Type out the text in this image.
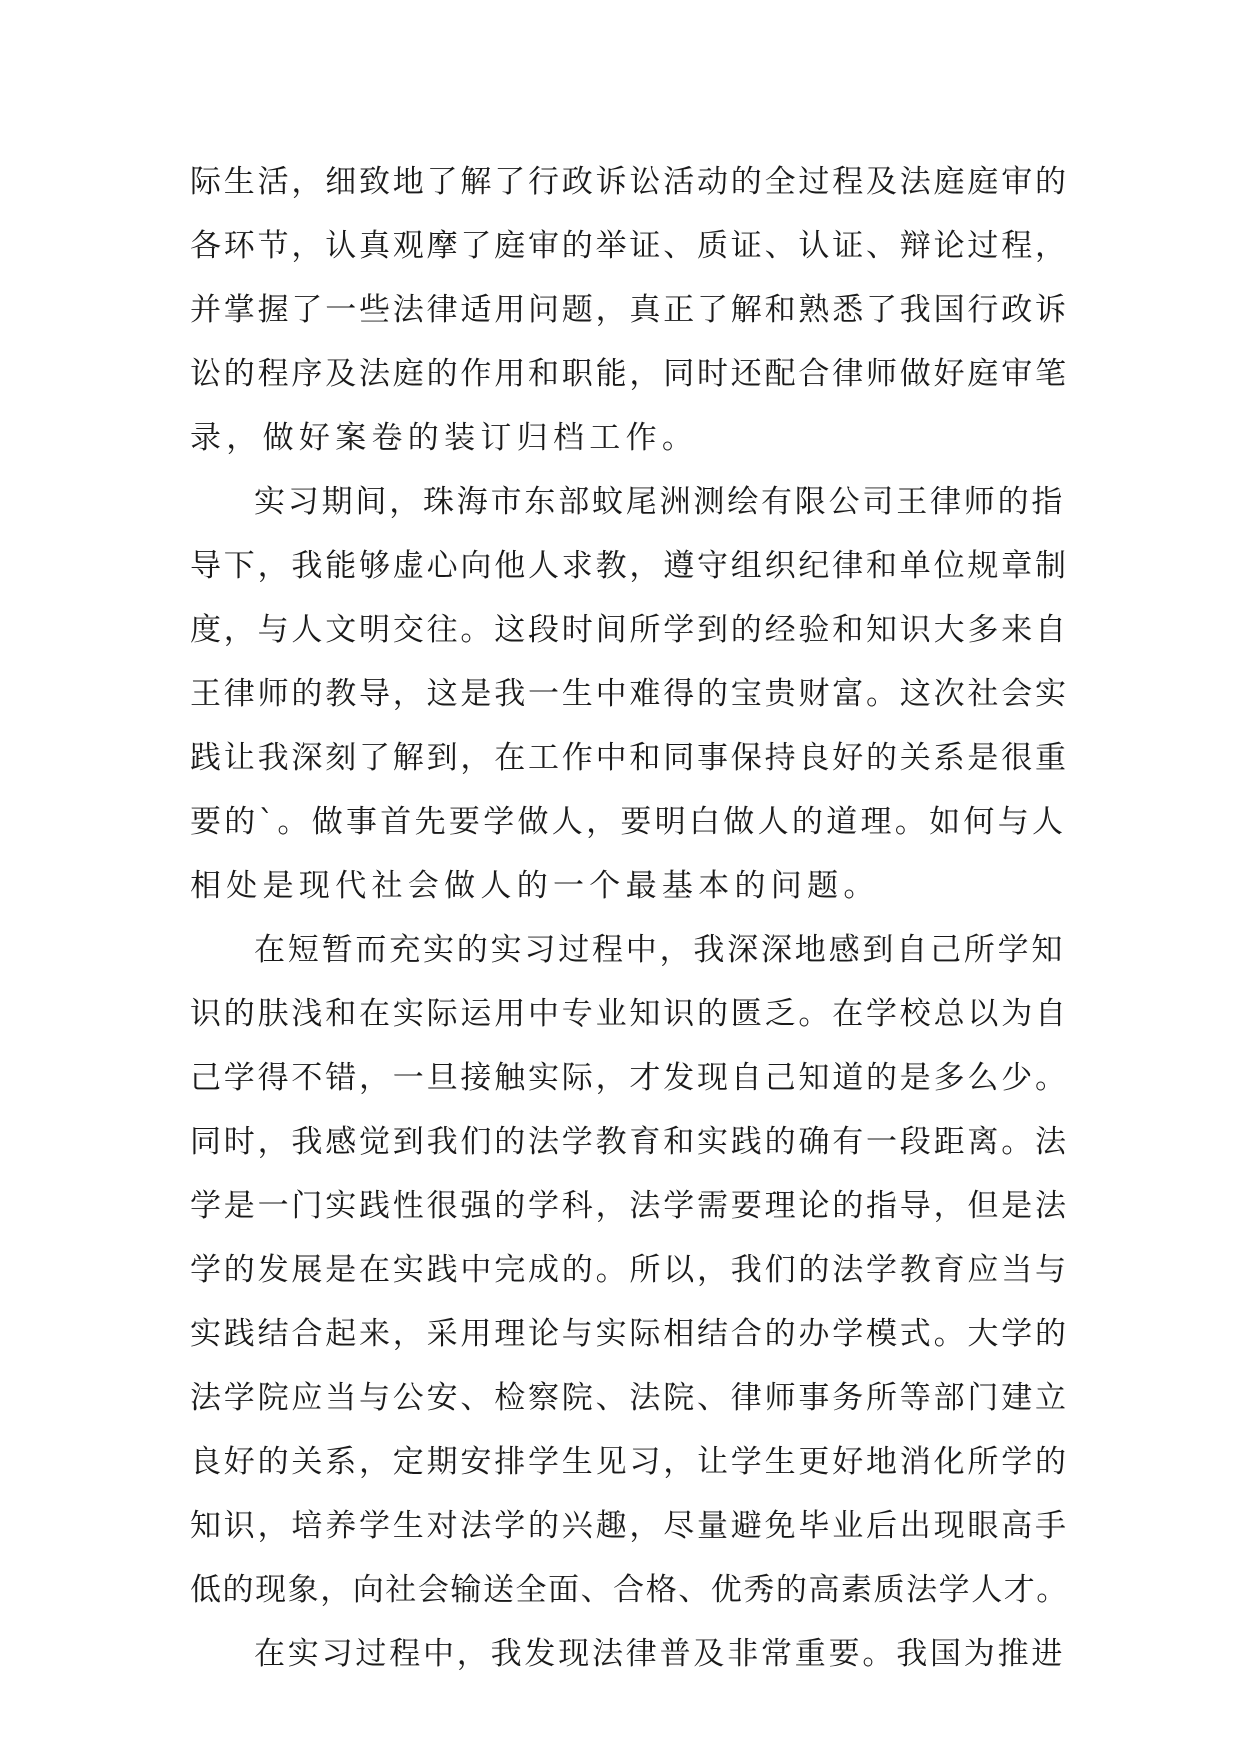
际生活，细致地了解了行政诉讼活动的全过程及法庭庭审的
各环节，认真观摩了庭审的举证、质证、认证、辩论过程，
并掌握了一些法律适用问题，真正了解和熟悉了我国行政诉
讼的程序及法庭的作用和职能，同时还配合律师做好庭审笔
录，做好案卷的装订归档工作。
实习期间，珠海市东部蚊尾洲测绘有限公司王律师的指
导下，我能够虚心向他人求教，遵守组织纪律和单位规章制
度，与人文明交往。这段时间所学到的经验和知识大多来自
王律师的教导，这是我一生中难得的宝贵财富。这次社会实
践让我深刻了解到，在工作中和同事保持良好的关系是很重
要的`。做事首先要学做人，要明白做人的道理。如何与人
相处是现代社会做人的一个最基本的问题。
在短暂而充实的实习过程中，我深深地感到自己所学知
识的肤浅和在实际运用中专业知识的匮乏。在学校总以为自
己学得不错，一旦接触实际，才发现自己知道的是多么少。
同时，我感觉到我们的法学教育和实践的确有一段距离。法
学是一门实践性很强的学科，法学需要理论的指导，但是法
学的发展是在实践中完成的。所以，我们的法学教育应当与
实践结合起来，采用理论与实际相结合的办学模式。大学的
法学院应当与公安、检察院、法院、律师事务所等部门建立
良好的关系，定期安排学生见习，让学生更好地消化所学的
知识，培养学生对法学的兴趣，尽量避免毕业后出现眼高手
低的现象，向社会输送全面、合格、优秀的高素质法学人才。
在实习过程中，我发现法律普及非常重要。我国为推进
